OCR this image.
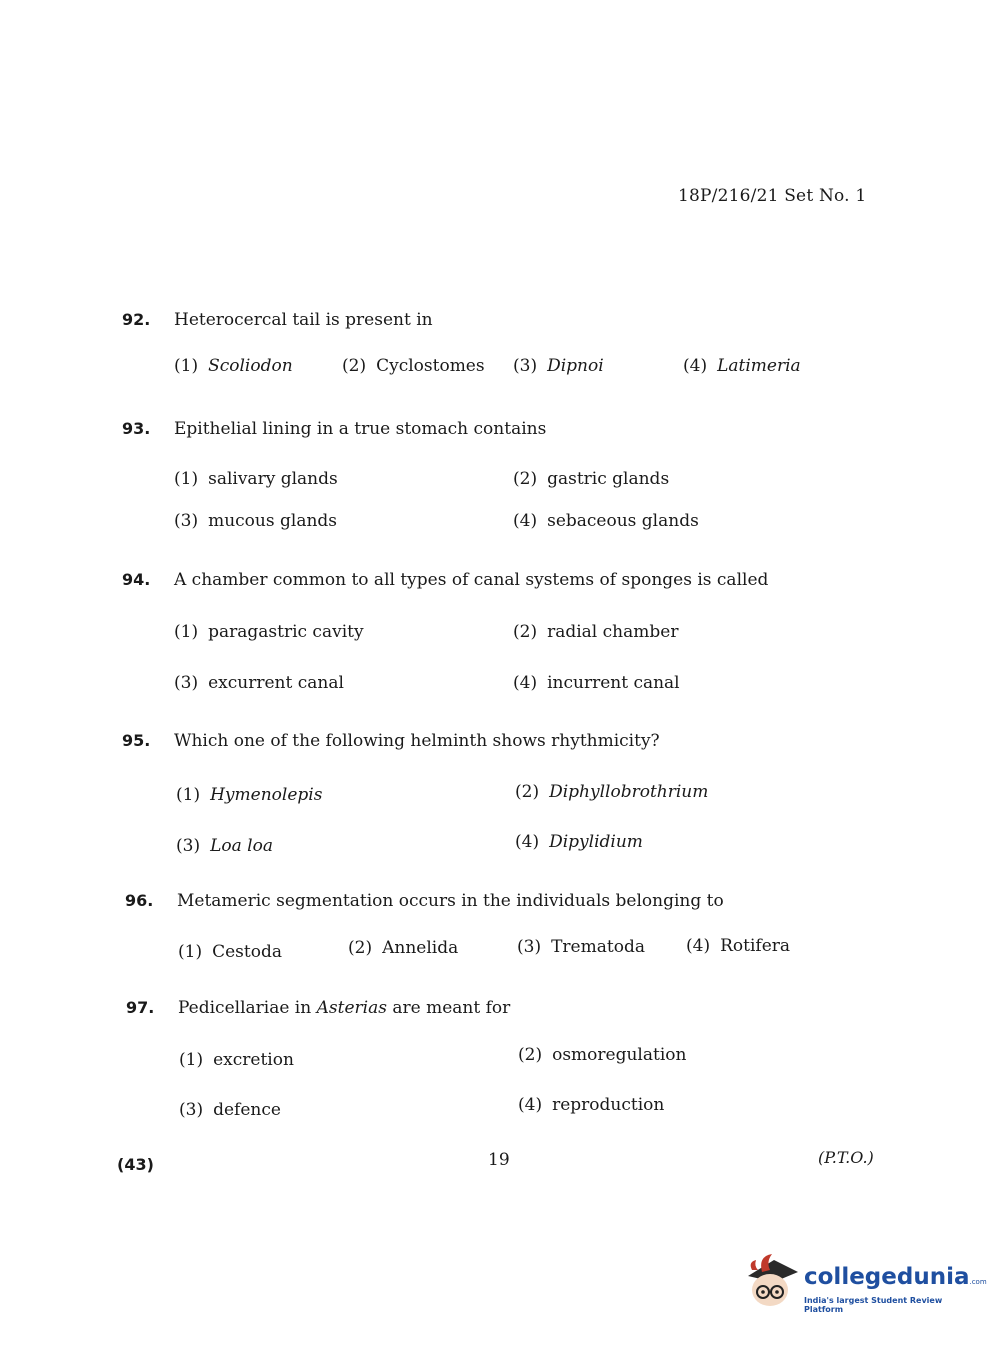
18P/216/21 Set No. 1
92. Heterocercal tail is present in
(1) Scoliodon	(2) Cyclostomes (3) Dipnoi	(4) Latimeria
93. Epithelial lining in a true stomach contains
(1) salivary glands	(2) gastric glands
(3) mucous glands	(4) sebaceous glands
94. A chamber common to all types of canal systems of sponges is called
(1) paragastric cavity	(2) radial chamber
(3) excurrent canal	(4) incurrent canal
95. Which one of the following helminth shows rhythmicity?
(1) Hymenolepis	(2) Diphyllobrothrium
(3) Loa loa	(4) Dipylidium
96. Metameric segmentation occurs in the individuals belonging to
(1) Cestoda	(2) Annelida	(3) Trematoda (4) Rotifera
97. Pedicellariae in Asterias are meant for
(1) excretion	(2) osmoregulation
(3) defence	(4) reproduction
(43)	19	(P.T.O.)
collegedunia.com
India's largest Student Review Platform
